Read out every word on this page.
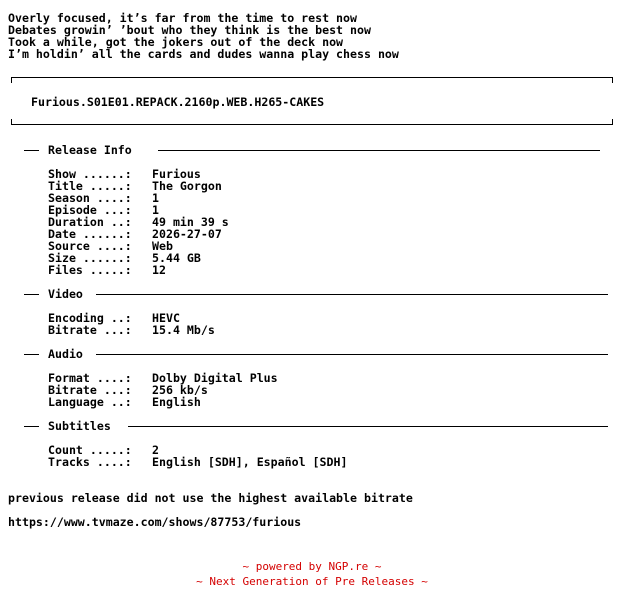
Overly focused, it’s far from the time to rest now
Debates growin’ ’bout who they think is the best now
Took a while, got the jokers out of the deck now
I’m holdin’ all the cards and dudes wanna play chess now
Furious.S01E01.REPACK.2160p.WEB.H265-CAKES
Release Info
Show ......: Furious
Title .....: The Gorgon
Season ....: 1
Episode ...: 1
Duration ..: 49 min 39 s
Date ......: 2026-27-07
Source ....: Web
Size ......: 5.44 GB
Files .....: 12
Video
Encoding ..: HEVC
Bitrate ...: 15.4 Mb/s
Audio
Format ....: Dolby Digital Plus
Bitrate ...: 256 kb/s
Language ..: English
Subtitles
Count .....: 2
Tracks ....: English [SDH], Español [SDH]
previous release did not use the highest available bitrate
https://www.tvmaze.com/shows/87753/furious
~ powered by NGP.re ~
~ Next Generation of Pre Releases ~
